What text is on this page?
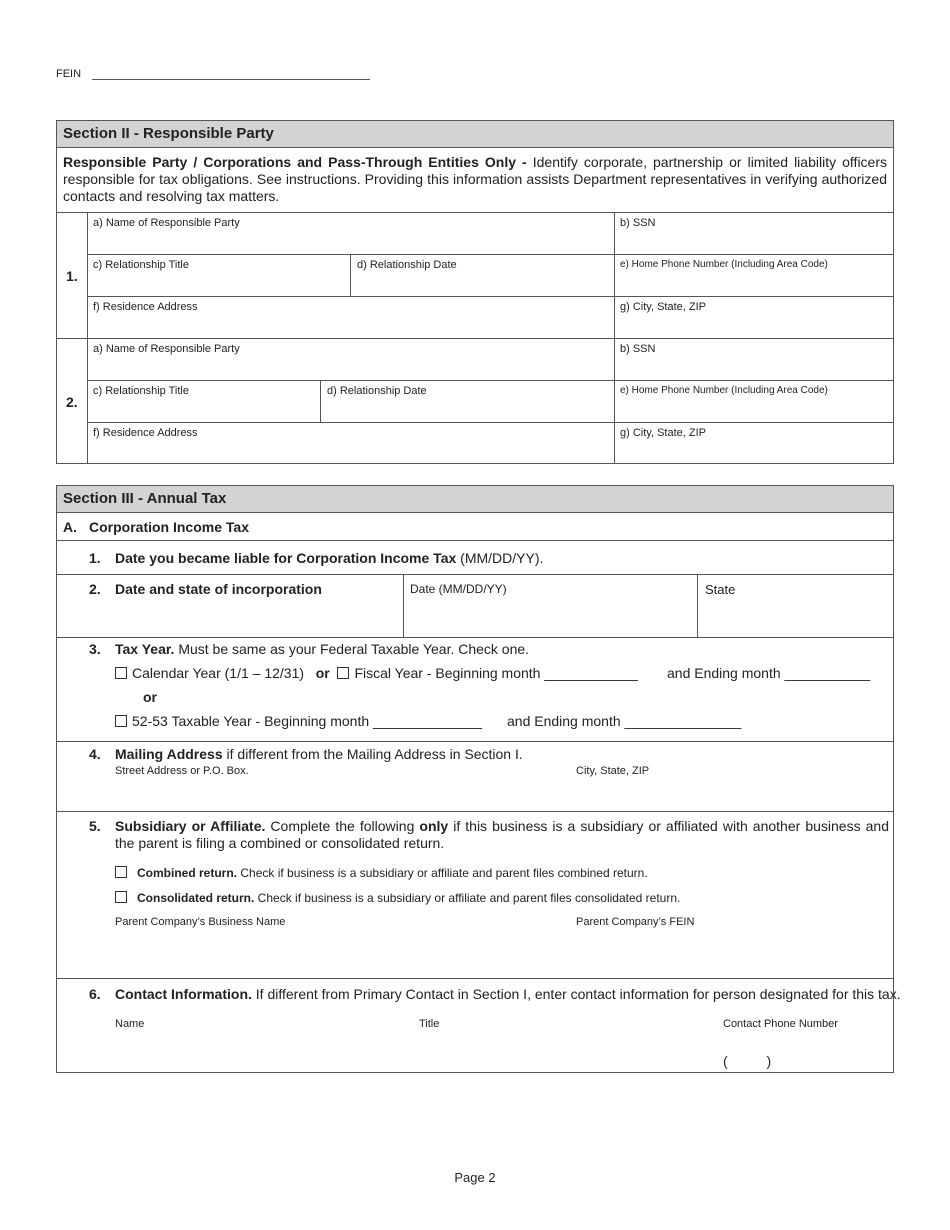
FEIN
Section II - Responsible Party
Responsible Party / Corporations and Pass-Through Entities Only - Identify corporate, partnership or limited liability officers responsible for tax obligations. See instructions. Providing this information assists Department representatives in verifying authorized contacts and resolving tax matters.
1.
2.
a) Name of Responsible Party	b) SSN
c) Relationship Title	d) Relationship Date	e) Home Phone Number (Including Area Code)
f) Residence Address	g) City, State, ZIP
a) Name of Responsible Party	b) SSN
c) Relationship Title	d) Relationship Date	e) Home Phone Number (Including Area Code)
f) Residence Address	g) City, State, ZIP
Section III - Annual Tax
A. Corporation Income Tax
1. Date you became liable for Corporation Income Tax (MM/DD/YY).
2. Date and state of incorporation	Date (MM/DD/YY)	State
3. Tax Year. Must be same as your Federal Taxable Year. Check one.
Calendar Year (1/1 – 12/31) or Fiscal Year - Beginning month ____________ and Ending month ___________
or
52-53 Taxable Year - Beginning month ______________ and Ending month _______________
4. Mailing Address if different from the Mailing Address in Section I.
Street Address or P.O. Box.	City, State, ZIP
5. Subsidiary or Affiliate. Complete the following only if this business is a subsidiary or affiliated with another business and the parent is filing a combined or consolidated return.
Combined return. Check if business is a subsidiary or affiliate and parent files combined return.
Consolidated return. Check if business is a subsidiary or affiliate and parent files consolidated return.
Parent Company’s Business Name	Parent Company’s FEIN
6. Contact Information. If different from Primary Contact in Section I, enter contact information for person designated for this tax.
Name	Title	Contact Phone Number
(          )
Page 2
